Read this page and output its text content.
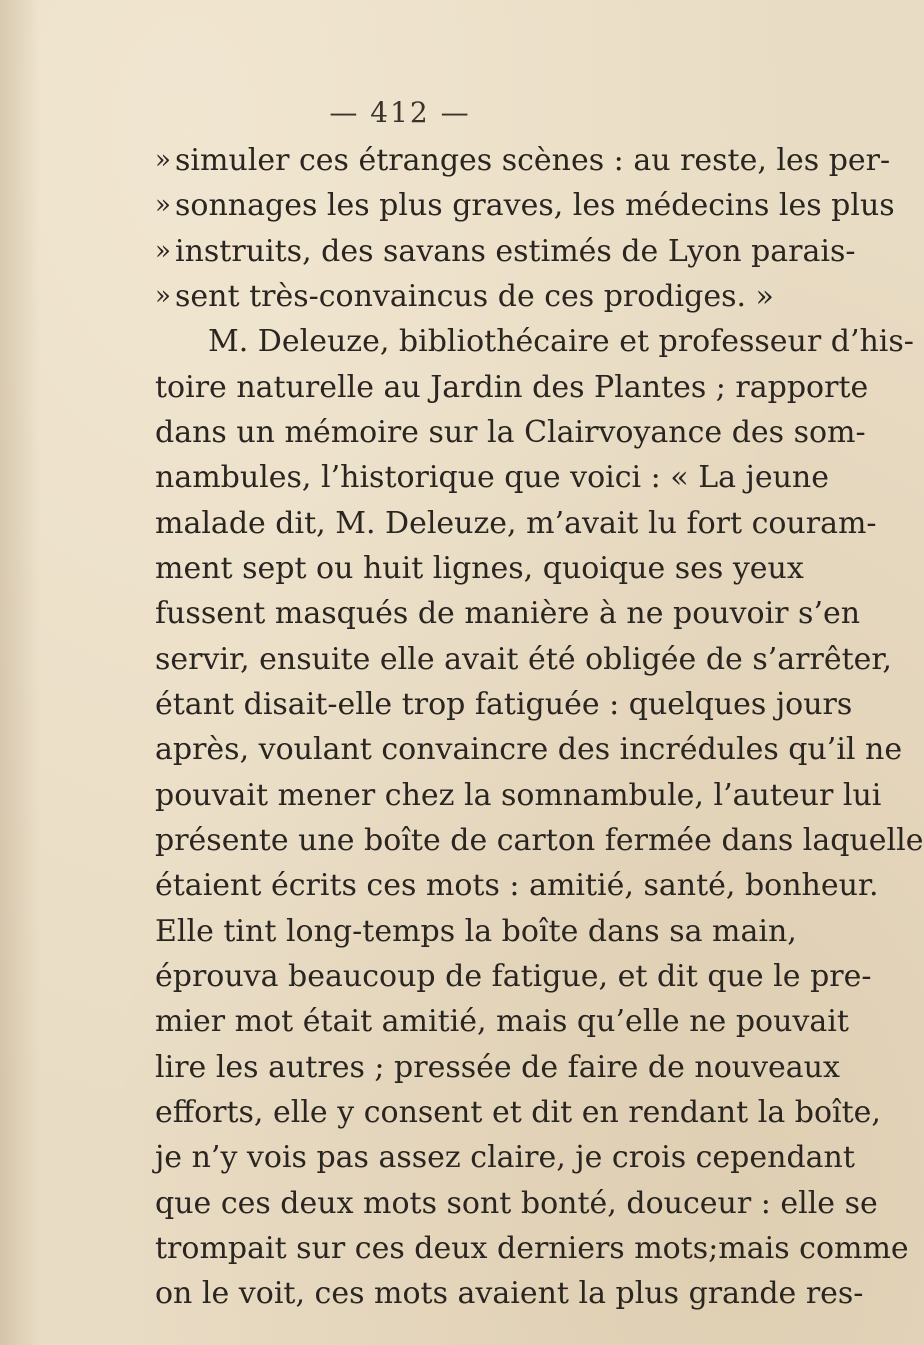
— 412 —
»
»
»
»
simuler ces étranges scènes : au reste, les per-
sonnages les plus graves, les médecins les plus
instruits, des savans estimés de Lyon parais-
sent très-convaincus de ces prodiges. »
M. Deleuze, bibliothécaire et professeur d’his-
toire naturelle au Jardin des Plantes ; rapporte
dans un mémoire sur la Clairvoyance des som-
nambules, l’historique que voici : « La jeune
malade dit, M. Deleuze, m’avait lu fort couram-
ment sept ou huit lignes, quoique ses yeux
fussent masqués de manière à ne pouvoir s’en
servir, ensuite elle avait été obligée de s’arrêter,
étant disait-elle trop fatiguée : quelques jours
après, voulant convaincre des incrédules qu’il ne
pouvait mener chez la somnambule, l’auteur lui
présente une boîte de carton fermée dans laquelle
étaient écrits ces mots : amitié, santé, bonheur.
Elle tint long-temps la boîte dans sa main,
éprouva beaucoup de fatigue, et dit que le pre-
mier mot était amitié, mais qu’elle ne pouvait
lire les autres ; pressée de faire de nouveaux
efforts, elle y consent et dit en rendant la boîte,
je n’y vois pas assez claire, je crois cependant
que ces deux mots sont bonté, douceur : elle se
trompait sur ces deux derniers mots;mais comme
on le voit, ces mots avaient la plus grande res-
